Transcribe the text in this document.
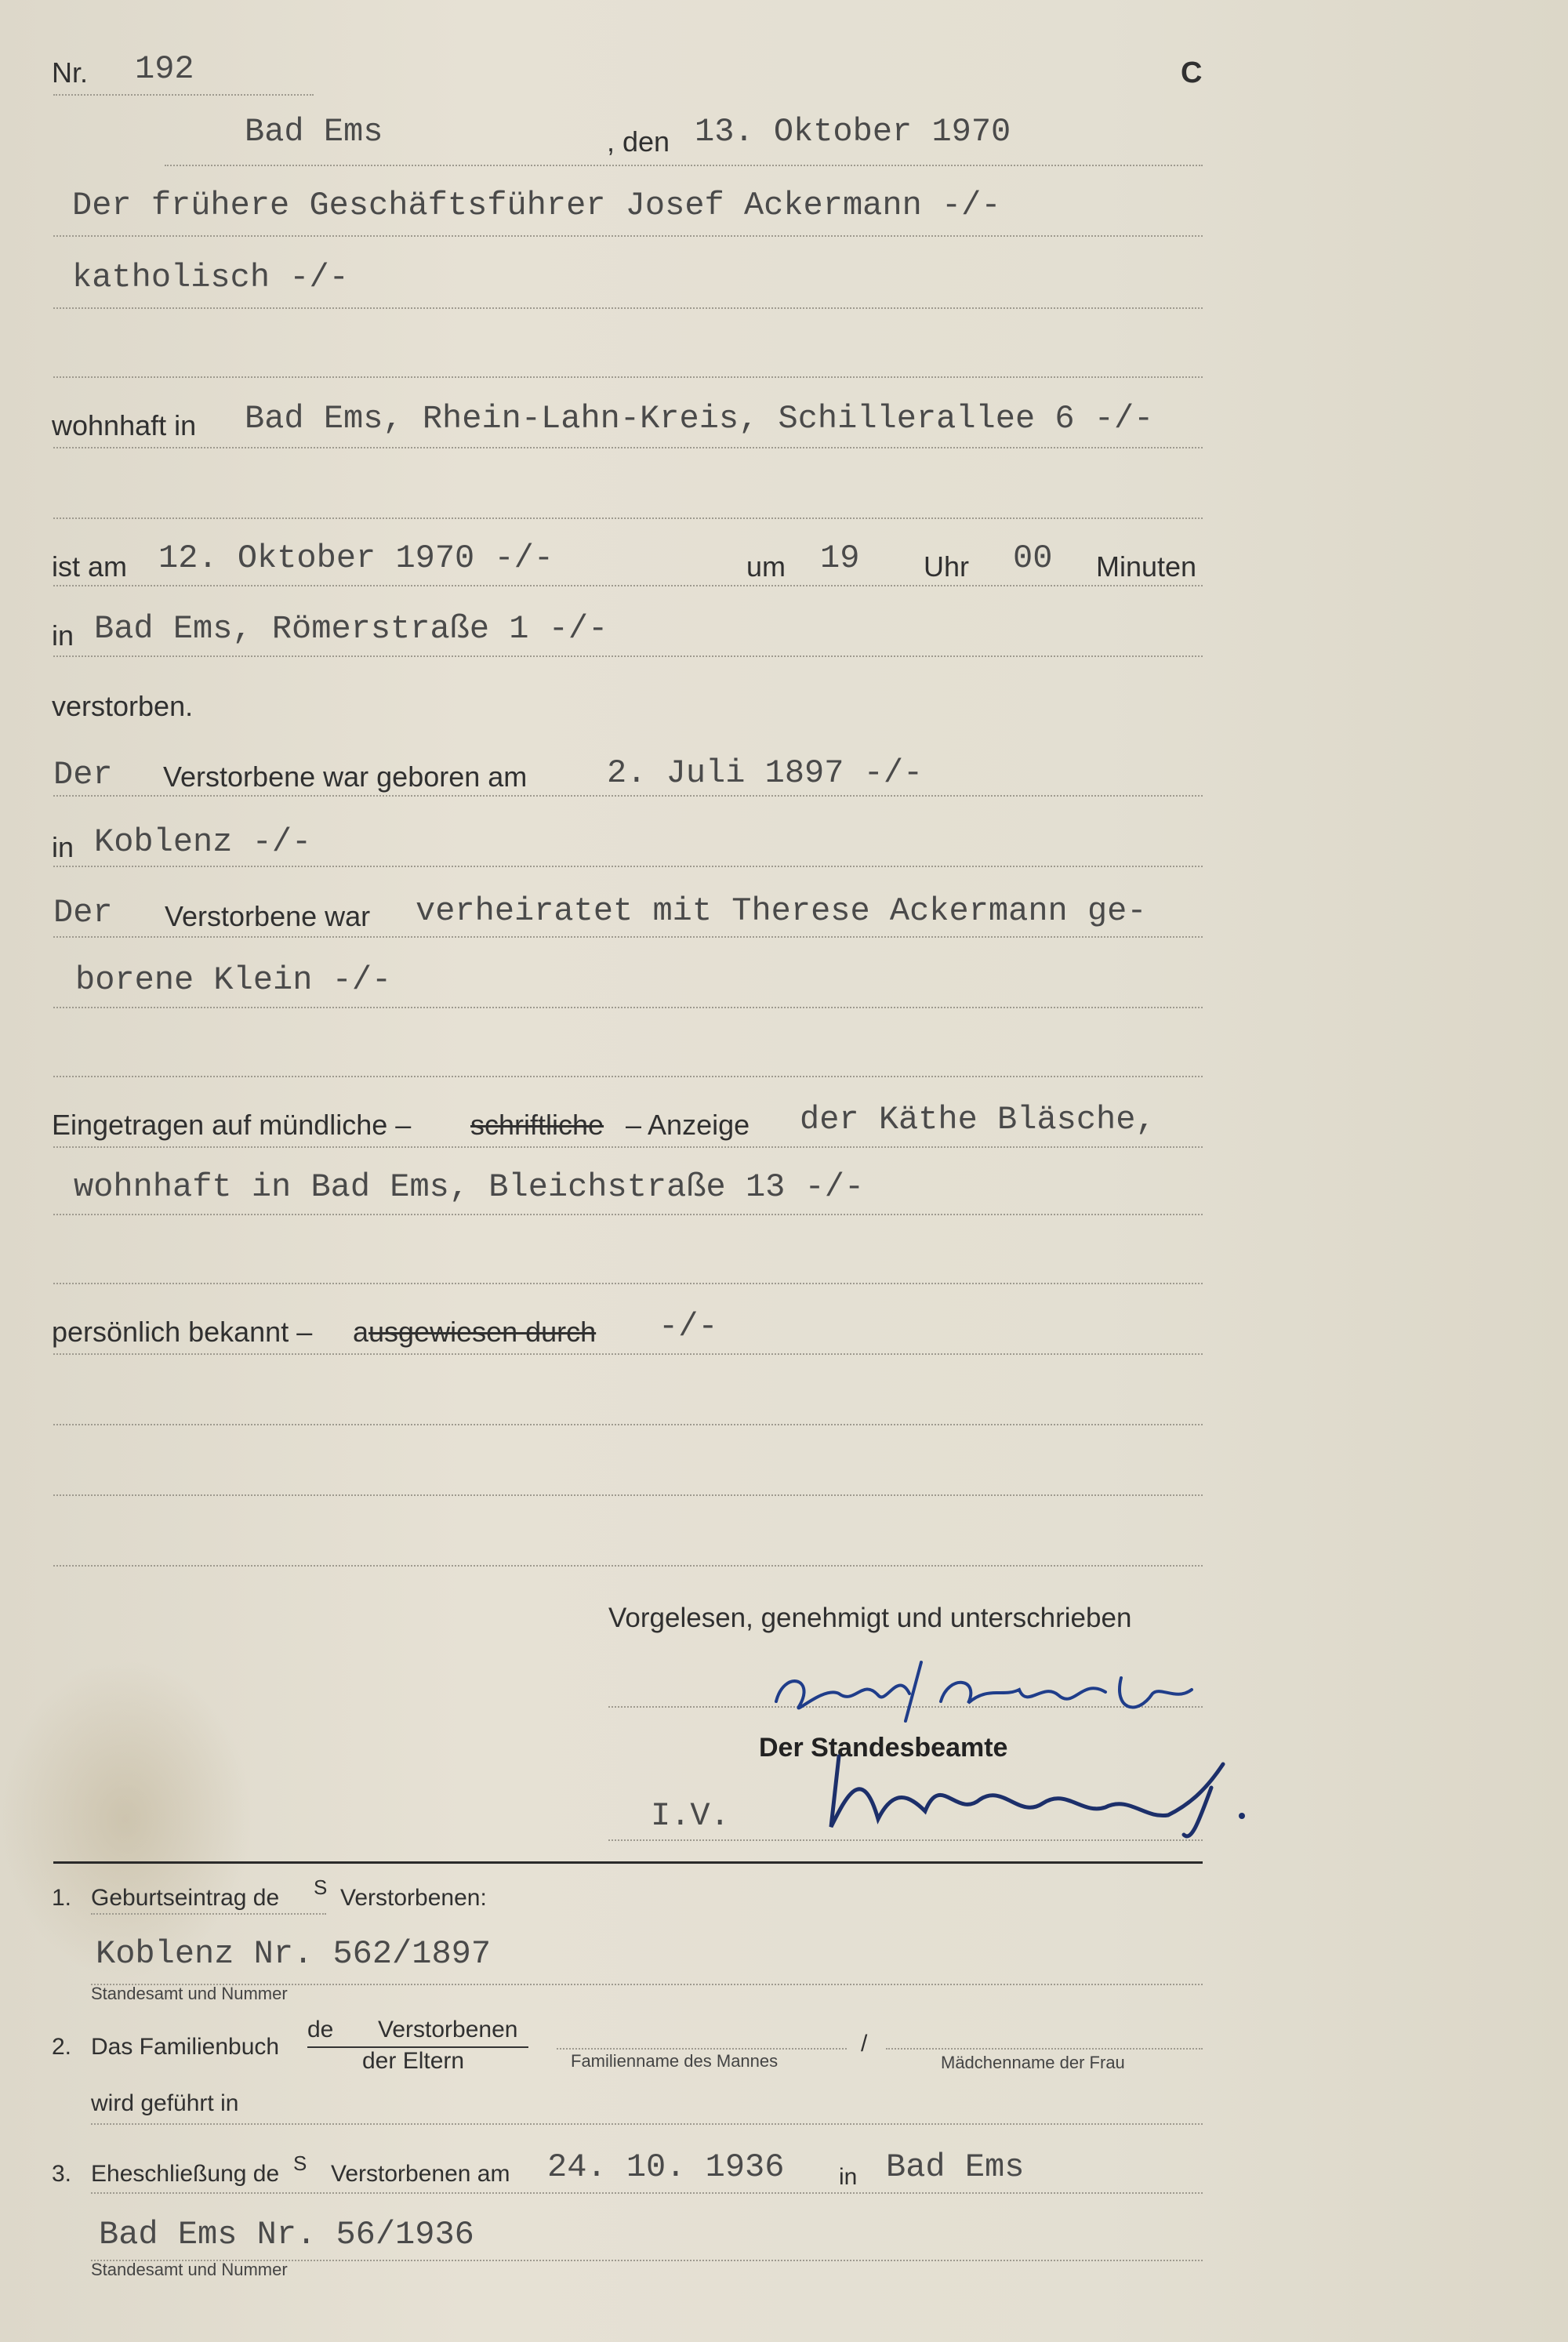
Nr. 192	C
Bad Ems	, den 13. Oktober 1970
Der frühere Geschäftsführer Josef Ackermann -/-
katholisch -/-
wohnhaft in Bad Ems, Rhein-Lahn-Kreis, Schillerallee 6 -/-
ist am 12. Oktober 1970 -/-	um 19 Uhr 00 Minuten
in Bad Ems, Römerstraße 1 -/-
verstorben.
Der Verstorbene war geboren am 2. Juli 1897 -/-
in Koblenz -/-
Der Verstorbene war verheiratet mit Therese Ackermann ge-
borene Klein -/-
Eingetragen auf mündliche – schriftliche – Anzeige der Käthe Bläsche,
wohnhaft in Bad Ems, Bleichstraße 13 -/-
persönlich bekannt – a usgewiesen durch -/-
Vorgelesen, genehmigt und unterschrieben
Der Standesbeamte
I.V.
1. Geburtseintrag de S Verstorbenen:
Koblenz Nr. 562/1897
Standesamt und Nummer
2. Das Familienbuch
de Verstorbenen
der Eltern	Familienname des Mannes
/
Mädchenname der Frau
wird geführt in
3. Eheschließung de S Verstorbenen am 24. 10. 1936 in Bad Ems
Bad Ems Nr. 56/1936
Standesamt und Nummer
